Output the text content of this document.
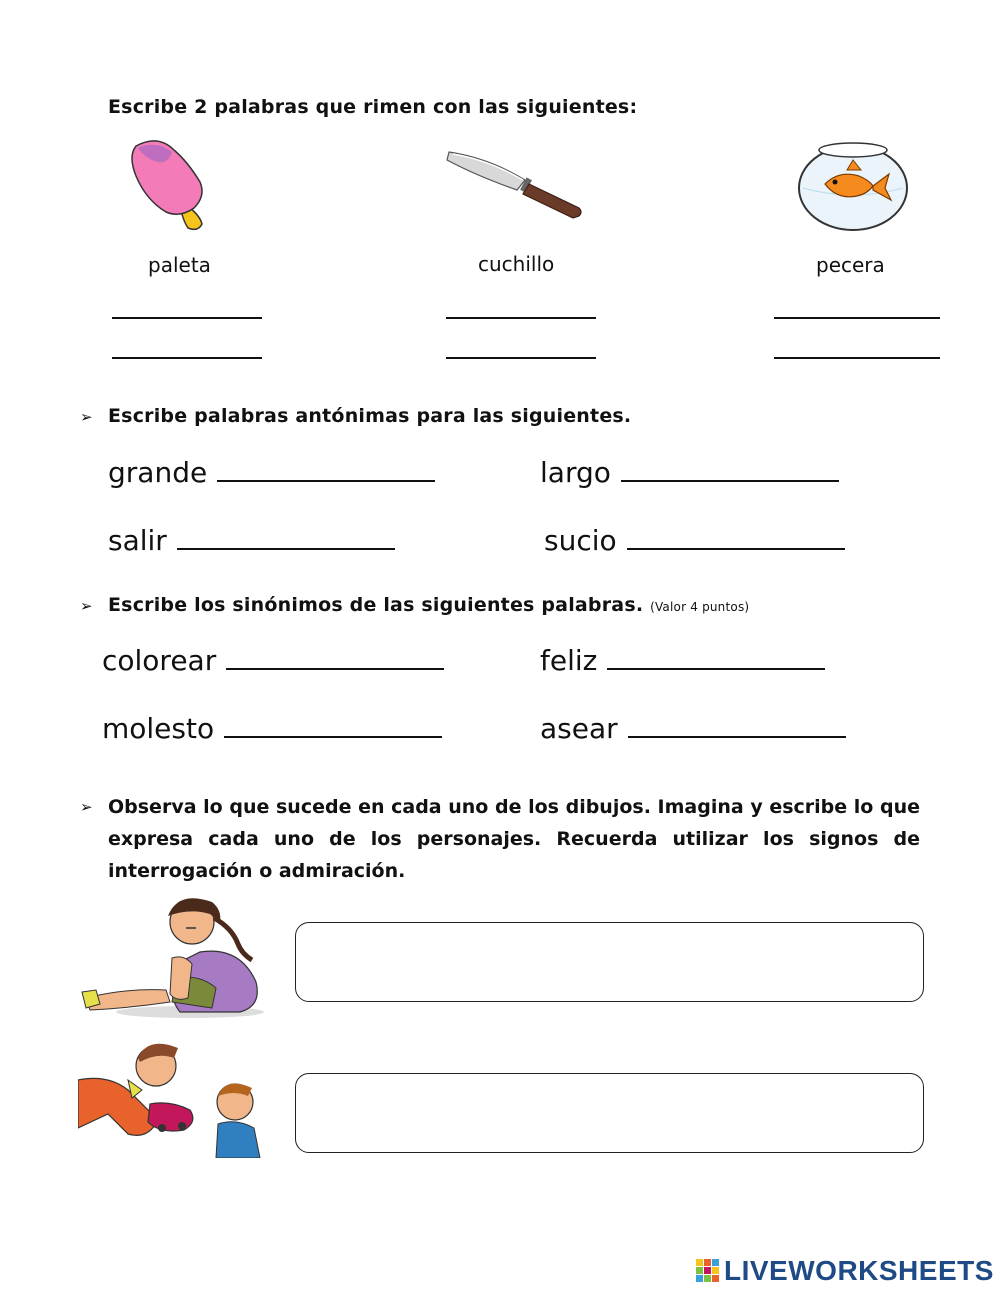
Escribe 2 palabras que rimen con las siguientes:
paleta	cuchillo	pecera
➢ Escribe palabras antónimas para las siguientes.
grande	largo
salir	sucio
➢ Escribe los sinónimos de las siguientes palabras. (Valor 4 puntos)
colorear	feliz
molesto	asear
➢ Observa lo que sucede en cada uno de los dibujos. Imagina y escribe lo que expresa cada uno de los personajes. Recuerda utilizar los signos de interrogación o admiración.
LIVEWORKSHEETS
